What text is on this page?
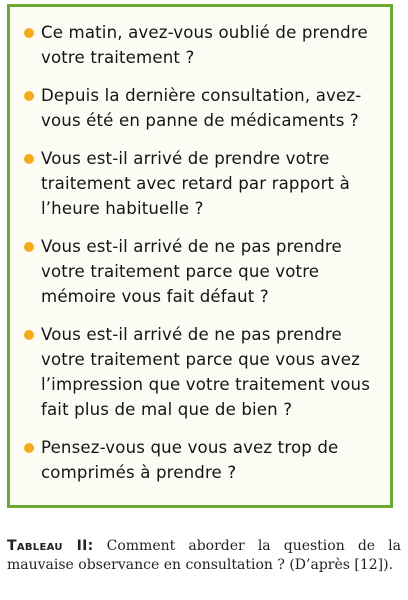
Ce matin, avez-vous oublié de prendre votre traitement ?
Depuis la dernière consultation, avez-vous été en panne de médicaments ?
Vous est-il arrivé de prendre votre traitement avec retard par rapport à l’heure habituelle ?
Vous est-il arrivé de ne pas prendre votre traitement parce que votre mémoire vous fait défaut ?
Vous est-il arrivé de ne pas prendre votre traitement parce que vous avez l’impression que votre traitement vous fait plus de mal que de bien ?
Pensez-vous que vous avez trop de comprimés à prendre ?
Tableau II: Comment aborder la question de la mauvaise observance en consultation ? (D’après [12]).
